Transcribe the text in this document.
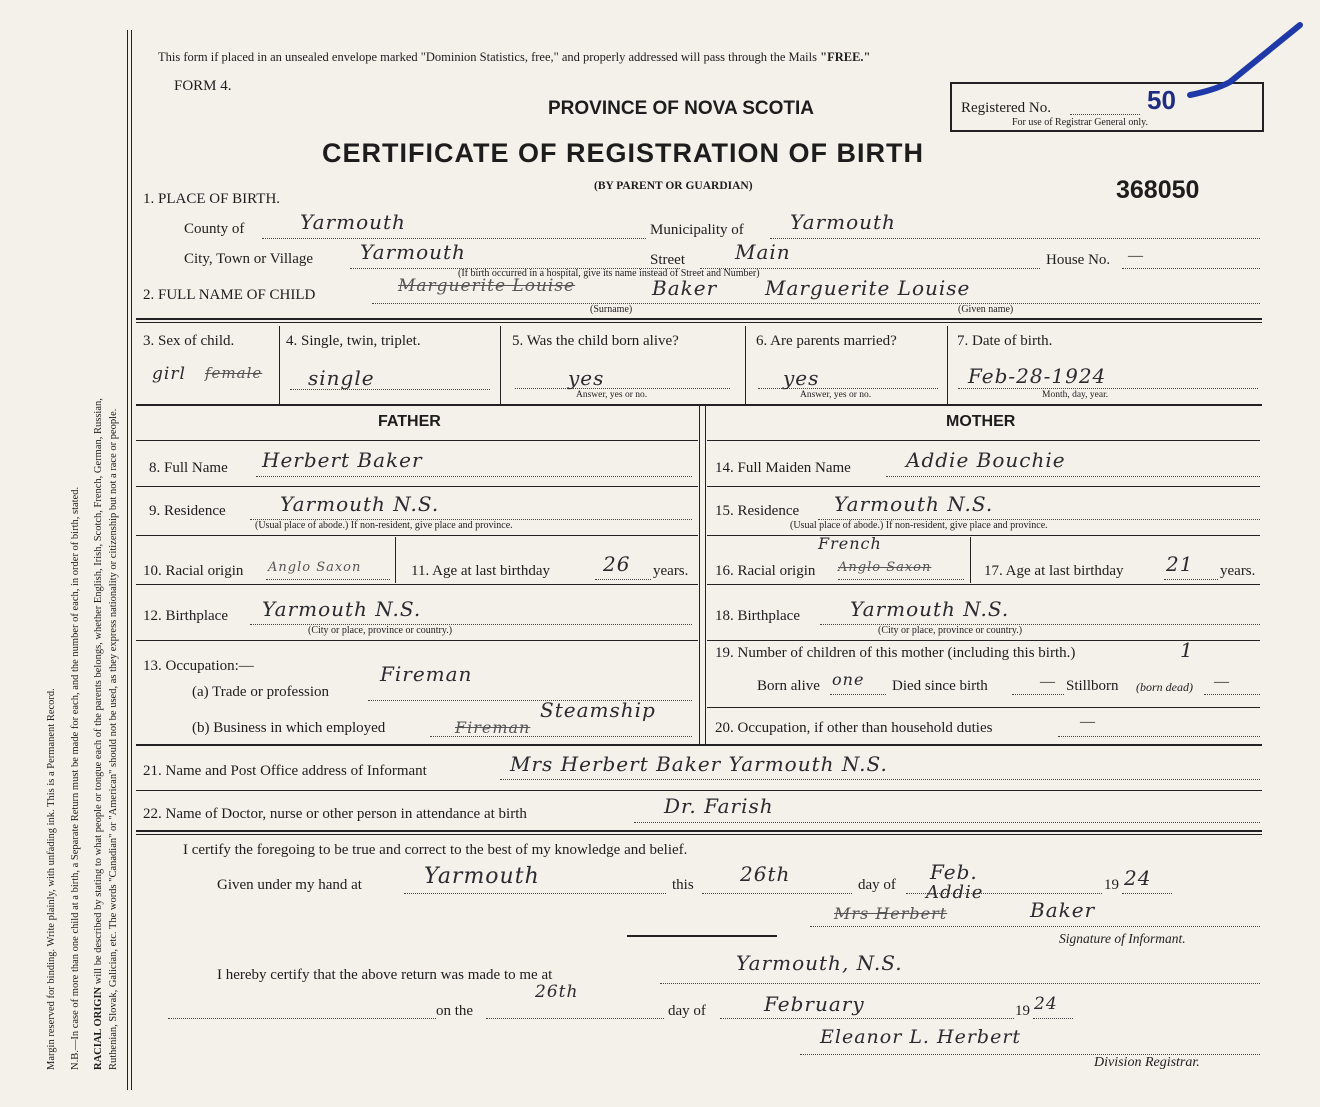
Margin reserved for binding. Write plainly, with unfading ink. This is a Permanent Record. N.B.—In case of more than one child at a birth, a Separate Return must be made for each, and the number of each, in order of birth, stated. RACIAL ORIGIN will be described by stating to what people or tongue each of the parents belongs, whether English, Irish, Scotch, French, German, Russian, Ruthenian, Slovak, Galician, etc. The words "Canadian" or "American" should not be used, as they express nationality or citizenship but not a race or people.
This form if placed in an unsealed envelope marked "Dominion Statistics, free," and properly addressed will pass through the Mails "FREE."
FORM 4.
PROVINCE OF NOVA SCOTIA	Registered No.	50
For use of Registrar General only.
CERTIFICATE OF REGISTRATION OF BIRTH
(BY PARENT OR GUARDIAN)	368050
1. PLACE OF BIRTH.
County of	Yarmouth	Municipality of Yarmouth
City, Town or Village Yarmouth	Street	Main	House No. —
(If birth occurred in a hospital, give its name instead of Street and Number)
2. FULL NAME OF CHILD	Marguerite Louise	Baker Marguerite Louise
(Surname)	(Given name)
3. Sex of child.
girl female
4. Single, twin, triplet.
single
5. Was the child born alive?
yes
Answer, yes or no.
6. Are parents married?
yes
Answer, yes or no.
7. Date of birth.
Feb-28-1924
Month, day, year.
FATHER	MOTHER
8. Full Name Herbert Baker
9. Residence	Yarmouth N.S.
(Usual place of abode.) If non-resident, give place and province.
10. Racial origin Anglo Saxon	11. Age at last birthday	26 years.
12. Birthplace Yarmouth N.S.
(City or place, province or country.)
13. Occupation:—
(a) Trade or profession
Fireman
(b) Business in which employed	Fireman
Steamship
14. Full Maiden Name	Addie Bouchie
15. Residence Yarmouth N.S.
(Usual place of abode.) If non-resident, give place and province.
16. Racial origin
French
Anglo Saxon	17. Age at last birthday 21 years.
18. Birthplace	Yarmouth N.S.
(City or place, province or country.)
19. Number of children of this mother (including this birth.)	1
Born alive one Died since birth	— Stillborn (born dead) —
20. Occupation, if other than household duties	—
21. Name and Post Office address of Informant	Mrs Herbert Baker Yarmouth N.S.
22. Name of Doctor, nurse or other person in attendance at birth	Dr. Farish
I certify the foregoing to be true and correct to the best of my knowledge and belief.
Given under my hand at	Yarmouth	this 26th	day of
Feb.
19 24
Addie
Mrs Herbert	Baker
Signature of Informant.
I hereby certify that the above return was made to me at	Yarmouth, N.S.
on the
26th
day of	February	19 24
Eleanor L. Herbert
Division Registrar.
